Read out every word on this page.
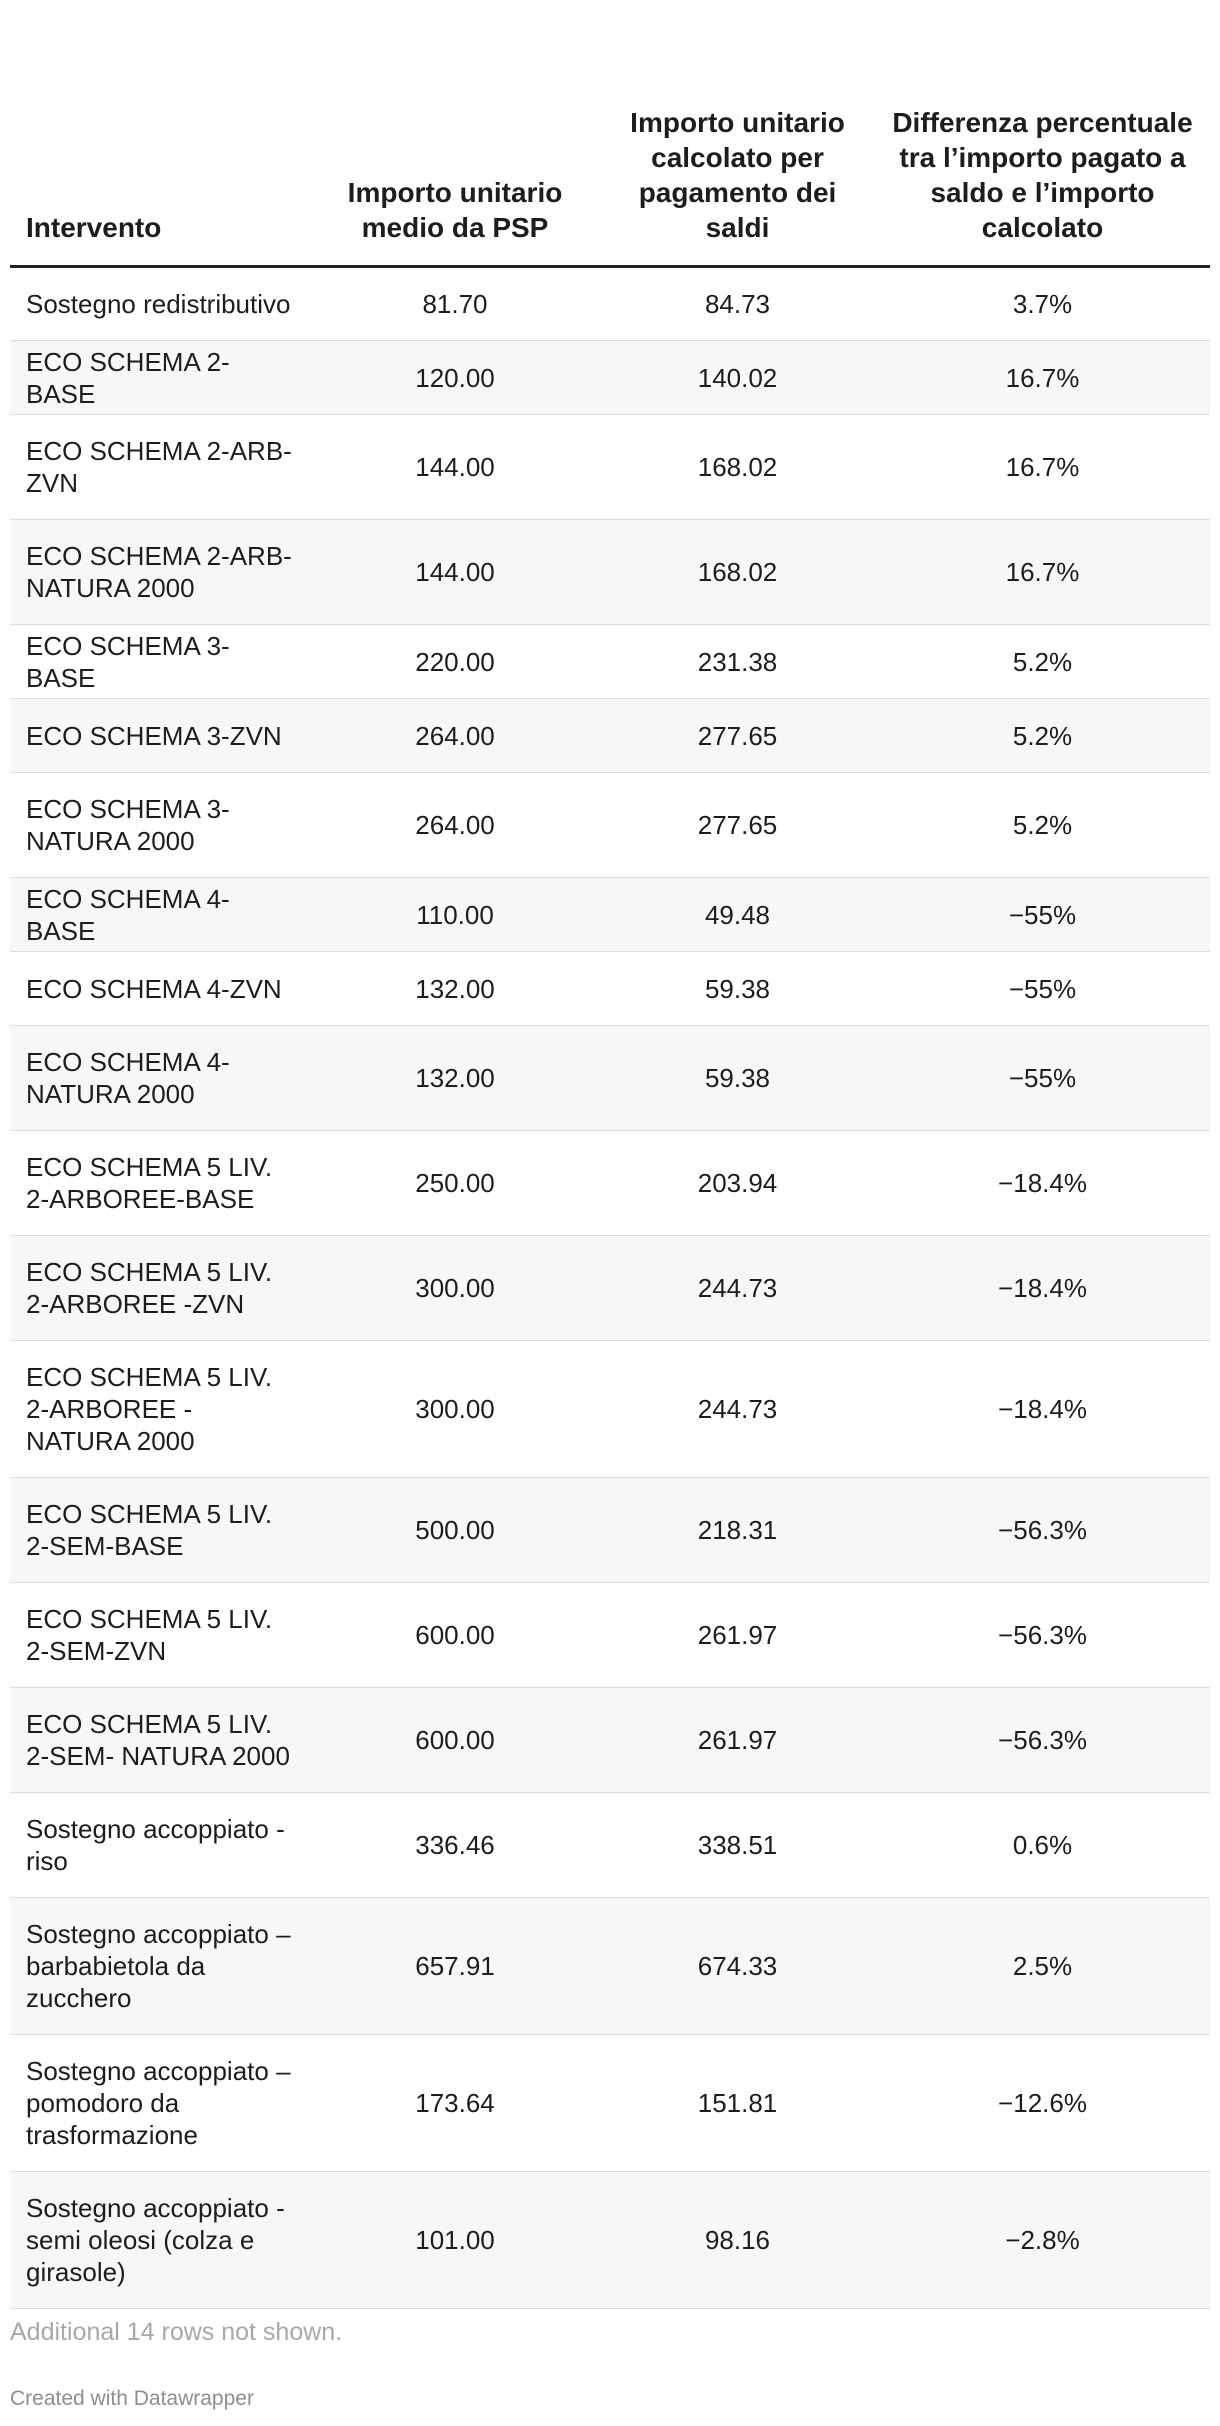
Intervento	Importo unitario medio da PSP	Importo unitario calcolato per pagamento dei saldi	Differenza percentuale tra l’importo pagato a saldo e l’importo calcolato
Sostegno redistributivo	81.70	84.73	3.7%
ECO SCHEMA 2-BASE	120.00	140.02	16.7%
ECO SCHEMA 2-ARB-ZVN	144.00	168.02	16.7%
ECO SCHEMA 2-ARB-NATURA 2000	144.00	168.02	16.7%
ECO SCHEMA 3-BASE	220.00	231.38	5.2%
ECO SCHEMA 3-ZVN	264.00	277.65	5.2%
ECO SCHEMA 3-NATURA 2000	264.00	277.65	5.2%
ECO SCHEMA 4-BASE	110.00	49.48	−55%
ECO SCHEMA 4-ZVN	132.00	59.38	−55%
ECO SCHEMA 4-NATURA 2000	132.00	59.38	−55%
ECO SCHEMA 5 LIV. 2-ARBOREE-BASE	250.00	203.94	−18.4%
ECO SCHEMA 5 LIV. 2-ARBOREE -ZVN	300.00	244.73	−18.4%
ECO SCHEMA 5 LIV. 2-ARBOREE - NATURA 2000	300.00	244.73	−18.4%
ECO SCHEMA 5 LIV. 2-SEM-BASE	500.00	218.31	−56.3%
ECO SCHEMA 5 LIV. 2-SEM-ZVN	600.00	261.97	−56.3%
ECO SCHEMA 5 LIV. 2-SEM- NATURA 2000	600.00	261.97	−56.3%
Sostegno accoppiato - riso	336.46	338.51	0.6%
Sostegno accoppiato – barbabietola da zucchero	657.91	674.33	2.5%
Sostegno accoppiato – pomodoro da trasformazione	173.64	151.81	−12.6%
Sostegno accoppiato - semi oleosi (colza e girasole)	101.00	98.16	−2.8%
Additional 14 rows not shown.
Created with Datawrapper
